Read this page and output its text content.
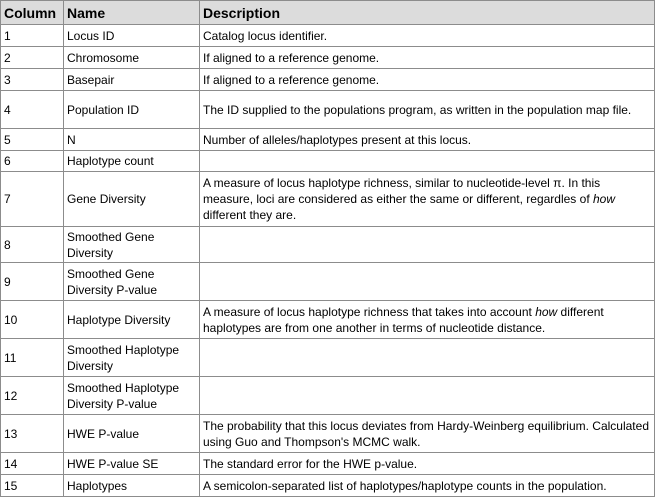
Column	Name	Description
1	Locus ID	Catalog locus identifier.
2	Chromosome	If aligned to a reference genome.
3	Basepair	If aligned to a reference genome.
4	Population ID	The ID supplied to the populations program, as written in the population map file.
5	N	Number of alleles/haplotypes present at this locus.
6	Haplotype count	
7	Gene Diversity	A measure of locus haplotype richness, similar to nucleotide-level π. In this measure, loci are considered as either the same or different, regardles of how different they are.
8	Smoothed Gene Diversity	
9	Smoothed Gene Diversity P-value	
10	Haplotype Diversity	A measure of locus haplotype richness that takes into account how different haplotypes are from one another in terms of nucleotide distance.
11	Smoothed Haplotype Diversity	
12	Smoothed Haplotype Diversity P-value	
13	HWE P-value	The probability that this locus deviates from Hardy-Weinberg equilibrium. Calculated using Guo and Thompson's MCMC walk.
14	HWE P-value SE	The standard error for the HWE p-value.
15	Haplotypes	A semicolon-separated list of haplotypes/haplotype counts in the population.
